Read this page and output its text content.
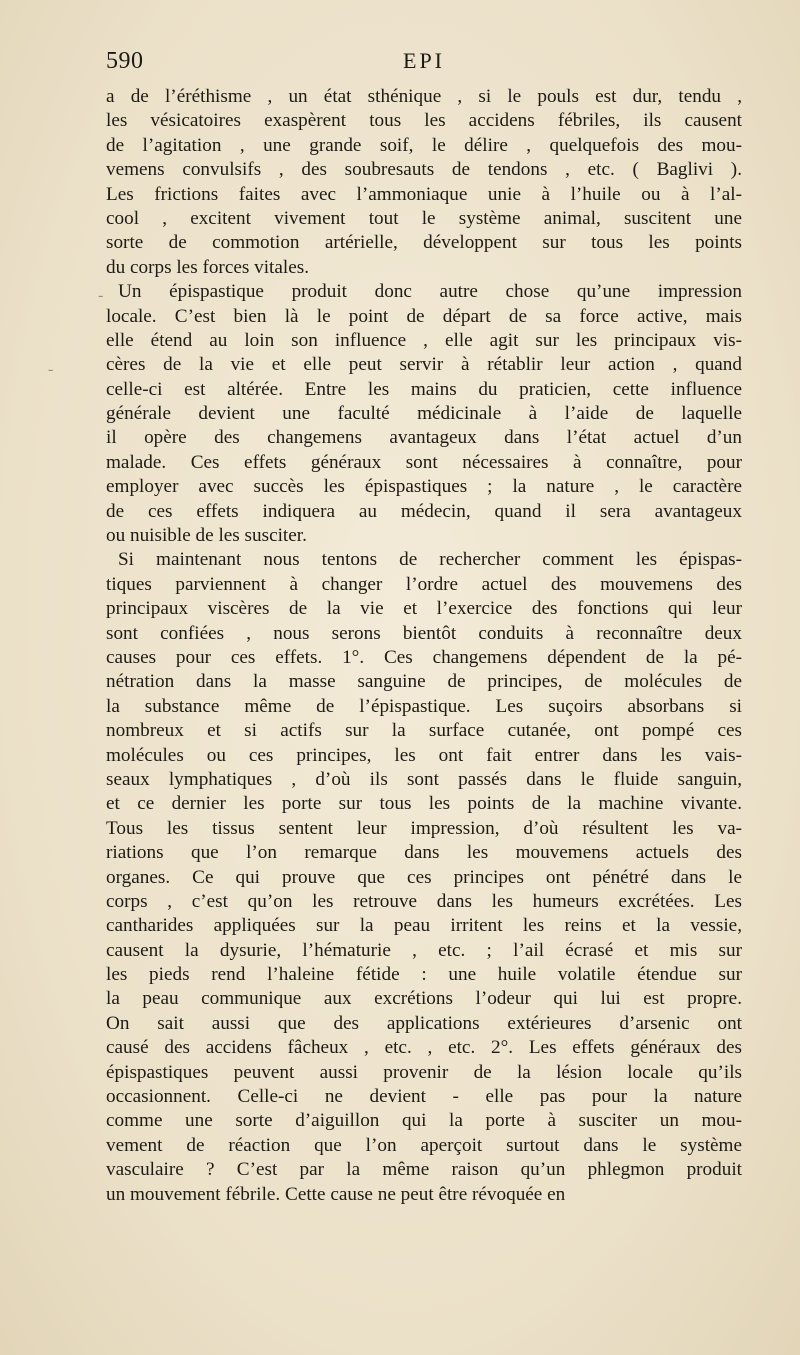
590	EPI
a de l’éréthisme , un état sthénique , si le pouls est dur, tendu ,
les vésicatoires exaspèrent tous les accidens fébriles, ils causent
de l’agitation , une grande soif, le délire , quelquefois des mou-
vemens convulsifs , des soubresauts de tendons , etc. ( Baglivi ).
Les frictions faites avec l’ammoniaque unie à l’huile ou à l’al-
cool , excitent vivement tout le système animal, suscitent une
sorte de commotion artérielle, développent sur tous les points
du corps les forces vitales.
Un épispastique produit donc autre chose qu’une impression
locale. C’est bien là le point de départ de sa force active, mais
elle étend au loin son influence , elle agit sur les principaux vis-
cères de la vie et elle peut servir à rétablir leur action , quand
celle-ci est altérée. Entre les mains du praticien, cette influence
générale devient une faculté médicinale à l’aide de laquelle
il opère des changemens avantageux dans l’état actuel d’un
malade. Ces effets généraux sont nécessaires à connaître, pour
employer avec succès les épispastiques ; la nature , le caractère
de ces effets indiquera au médecin, quand il sera avantageux
ou nuisible de les susciter.
Si maintenant nous tentons de rechercher comment les épispas-
tiques parviennent à changer l’ordre actuel des mouvemens des
principaux viscères de la vie et l’exercice des fonctions qui leur
sont confiées , nous serons bientôt conduits à reconnaître deux
causes pour ces effets. 1°. Ces changemens dépendent de la pé-
nétration dans la masse sanguine de principes, de molécules de
la substance même de l’épispastique. Les suçoirs absorbans si
nombreux et si actifs sur la surface cutanée, ont pompé ces
molécules ou ces principes, les ont fait entrer dans les vais-
seaux lymphatiques , d’où ils sont passés dans le fluide sanguin,
et ce dernier les porte sur tous les points de la machine vivante.
Tous les tissus sentent leur impression, d’où résultent les va-
riations que l’on remarque dans les mouvemens actuels des
organes. Ce qui prouve que ces principes ont pénétré dans le
corps , c’est qu’on les retrouve dans les humeurs excrétées. Les
cantharides appliquées sur la peau irritent les reins et la vessie,
causent la dysurie, l’hématurie , etc. ; l’ail écrasé et mis sur
les pieds rend l’haleine fétide : une huile volatile étendue sur
la peau communique aux excrétions l’odeur qui lui est propre.
On sait aussi que des applications extérieures d’arsenic ont
causé des accidens fâcheux , etc. , etc. 2°. Les effets généraux des
épispastiques peuvent aussi provenir de la lésion locale qu’ils
occasionnent. Celle-ci ne devient - elle pas pour la nature
comme une sorte d’aiguillon qui la porte à susciter un mou-
vement de réaction que l’on aperçoit surtout dans le système
vasculaire ? C’est par la même raison qu’un phlegmon produit
un mouvement fébrile. Cette cause ne peut être révoquée en
-
-
